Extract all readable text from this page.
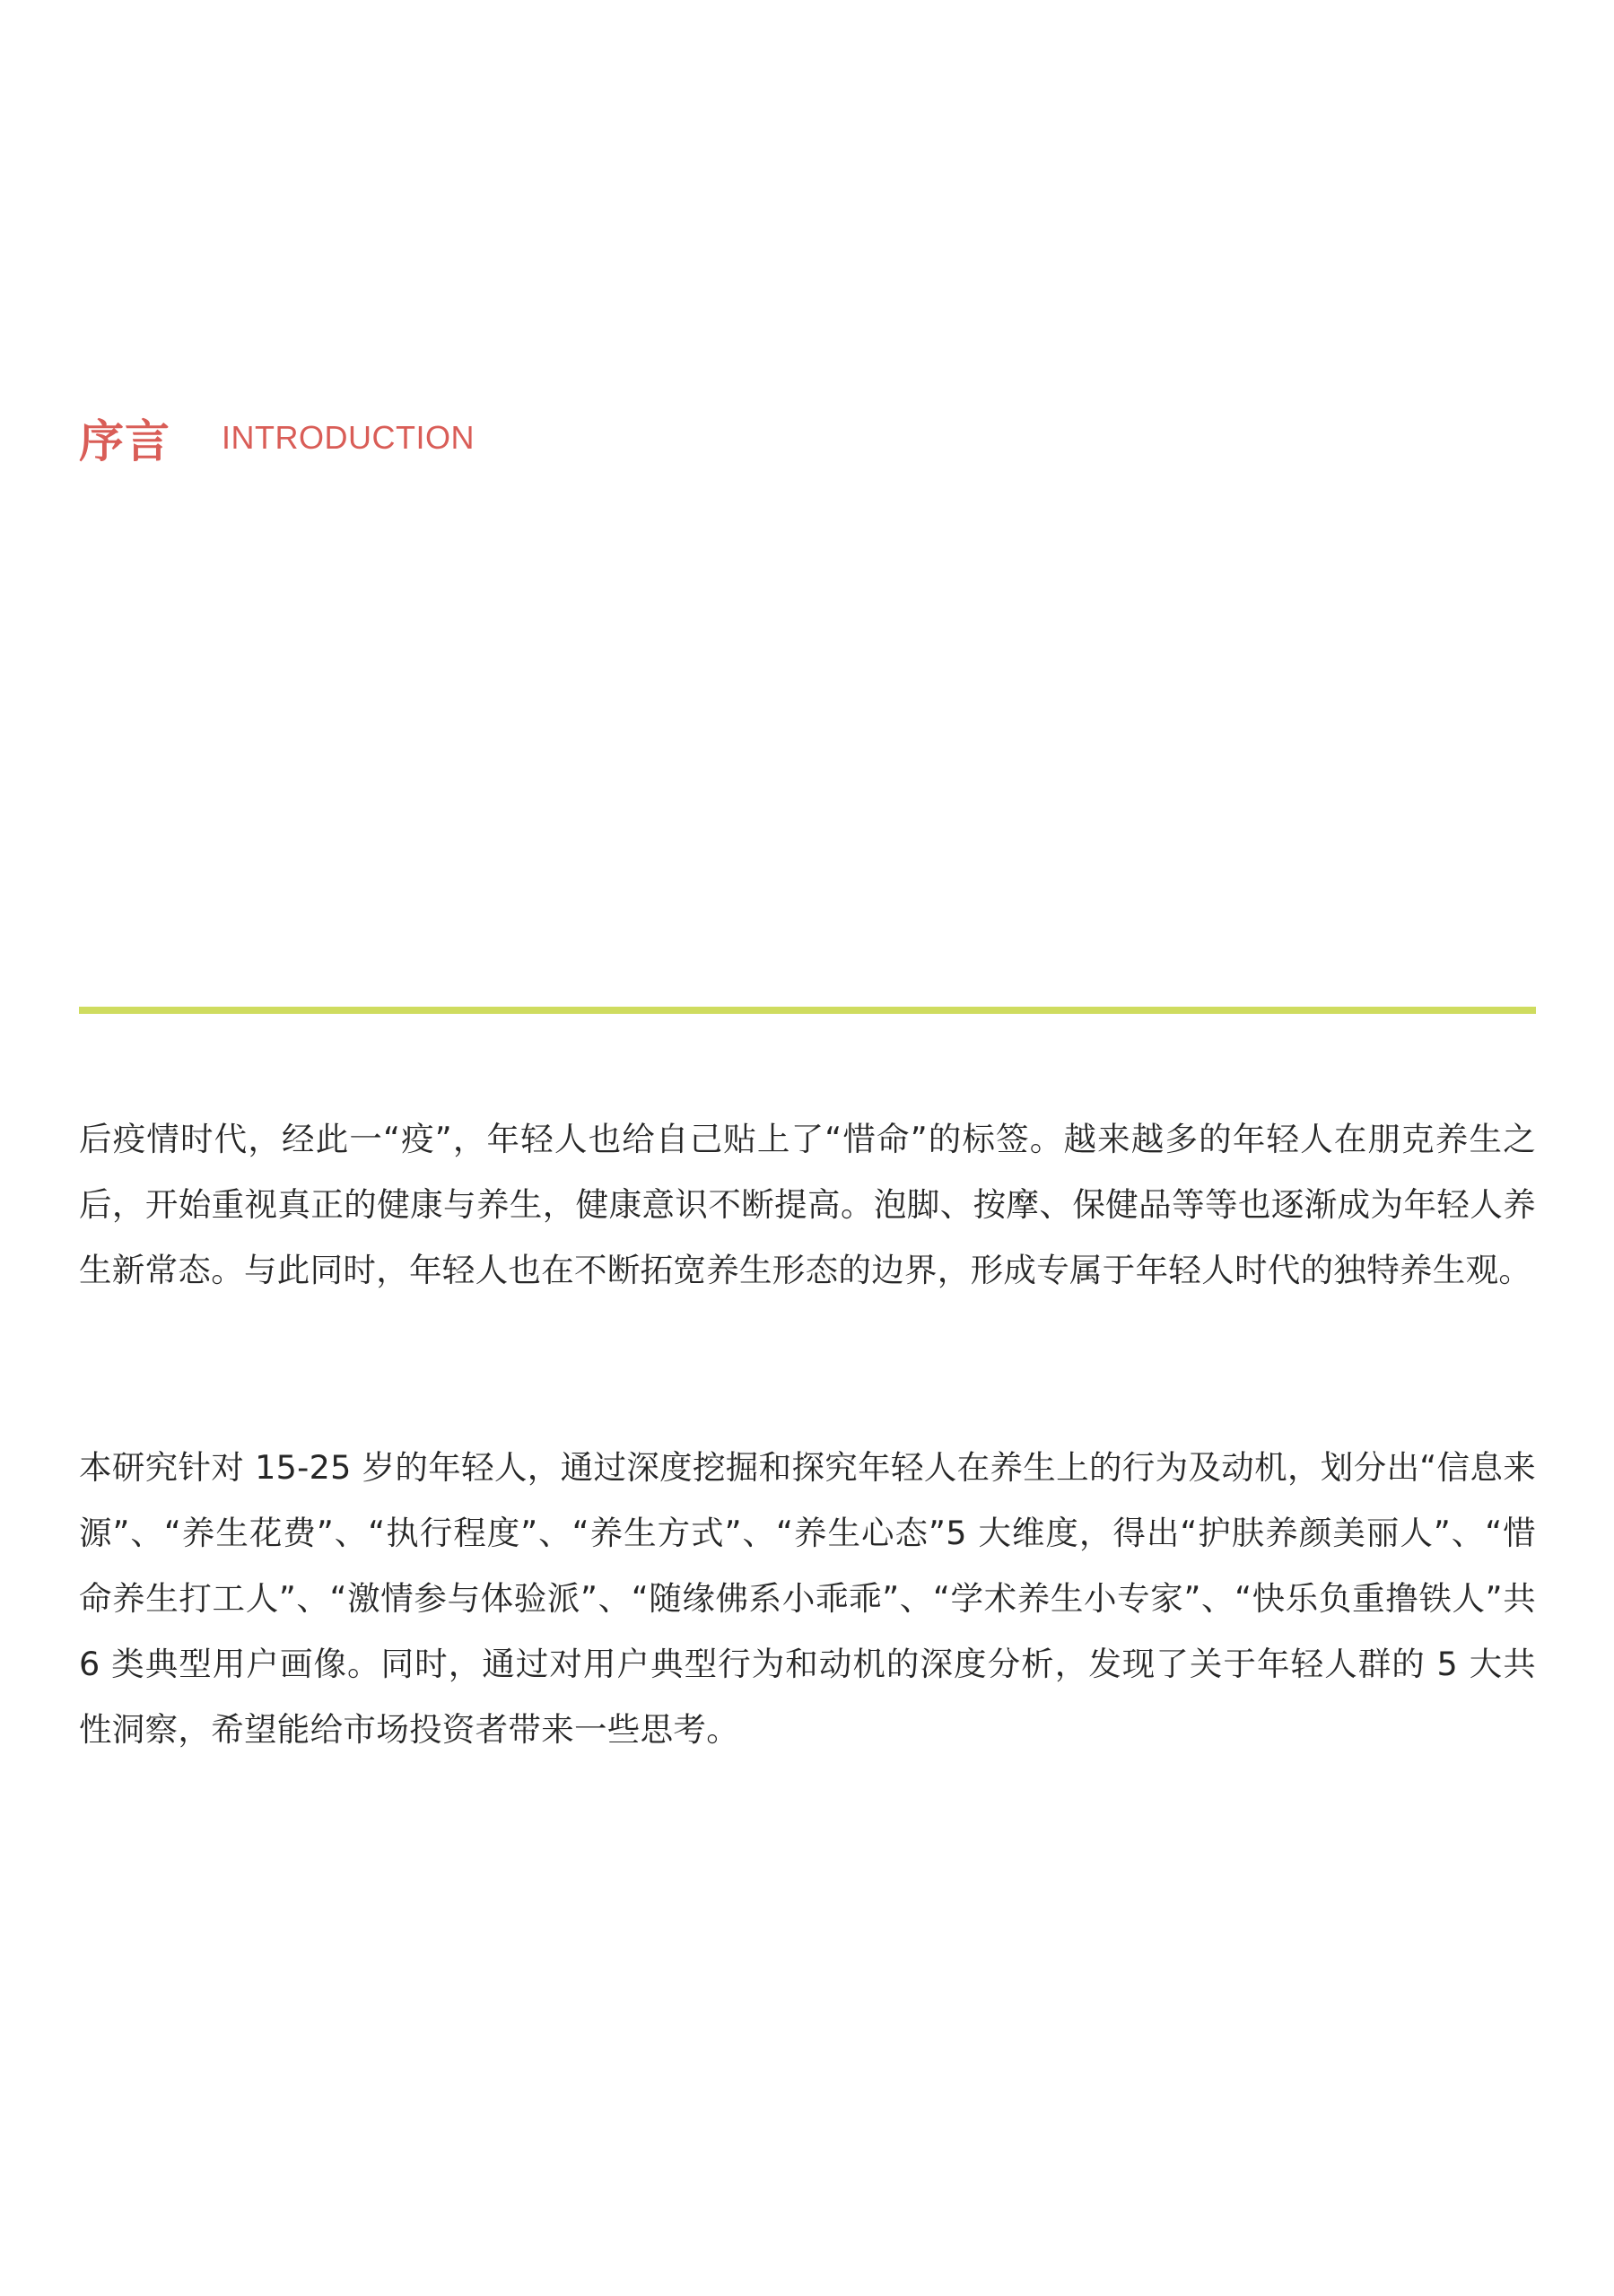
序言 INTRODUCTION

后疫情时代，经此一“疫”，年轻人也给自己贴上了“惜命”的标签。越来越多的年轻人在朋克养生之后，开始重视真正的健康与养生，健康意识不断提高。泡脚、按摩、保健品等等也逐渐成为年轻人养生新常态。与此同时，年轻人也在不断拓宽养生形态的边界，形成专属于年轻人时代的独特养生观。

本研究针对 15-25 岁的年轻人，通过深度挖掘和探究年轻人在养生上的行为及动机，划分出“信息来源”、“养生花费”、“执行程度”、“养生方式”、“养生心态”5 大维度，得出“护肤养颜美丽人”、“惜命养生打工人”、“激情参与体验派”、“随缘佛系小乖乖”、“学术养生小专家”、“快乐负重撸铁人”共 6 类典型用户画像。同时，通过对用户典型行为和动机的深度分析，发现了关于年轻人群的 5 大共性洞察，希望能给市场投资者带来一些思考。
